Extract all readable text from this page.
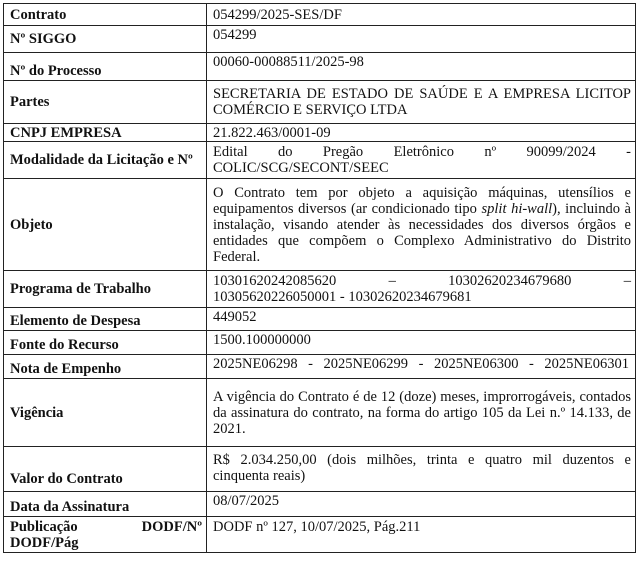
Contrato	054299/2025-SES/DF
Nº SIGGO	054299
Nº do Processo	00060-00088511/2025-98
Partes	SECRETARIA DE ESTADO DE SAÚDE E A EMPRESA LICITOP COMÉRCIO E SERVIÇO LTDA
CNPJ EMPRESA	21.822.463/0001-09
Modalidade da Licitação e Nº	Edital do Pregão Eletrônico nº 90099/2024 -
COLIC/SCG/SECONT/SEEC
Objeto	O Contrato tem por objeto a aquisição máquinas, utensílios e equipamentos diversos (ar condicionado tipo split hi-wall), incluindo à instalação, visando atender às necessidades dos diversos órgãos e entidades que compõem o Complexo Administrativo do Distrito Federal.
Programa de Trabalho	10301620242085620 – 10302620234679680 –
10305620226050001 - 10302620234679681
Elemento de Despesa	449052
Fonte do Recurso	1500.100000000
Nota de Empenho	2025NE06298 - 2025NE06299 - 2025NE06300 - 2025NE06301
Vigência	A vigência do Contrato é de 12 (doze) meses, improrrogáveis, contados da assinatura do contrato, na forma do artigo 105 da Lei n.º 14.133, de 2021.
Valor do Contrato	R$ 2.034.250,00 (dois milhões, trinta e quatro mil duzentos e
cinquenta reais)
Data da Assinatura	08/07/2025

Publicação DODF/Nº
DODF/Pág	DODF nº 127, 10/07/2025, Pág.211
